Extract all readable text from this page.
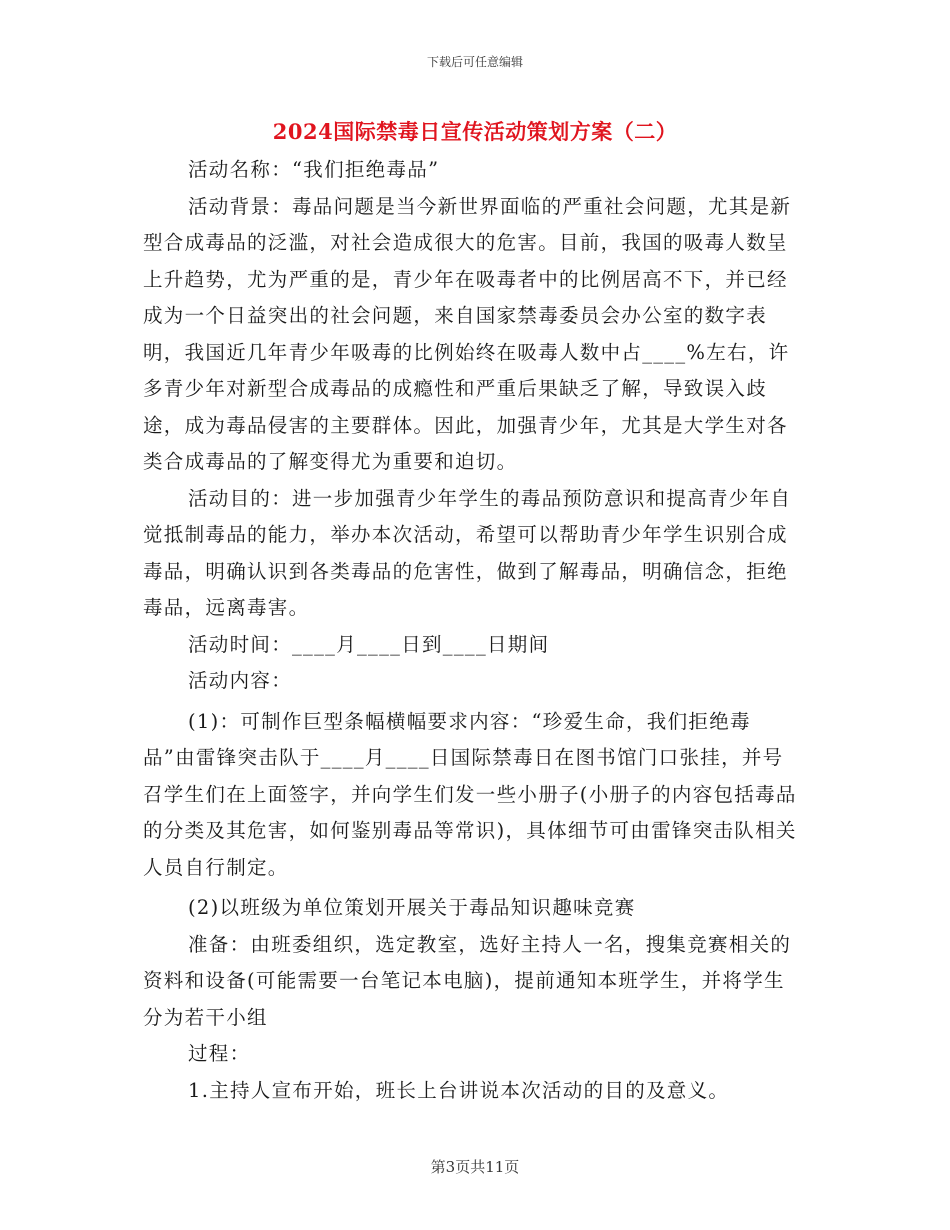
下载后可任意编辑
2024国际禁毒日宣传活动策划方案（二）

活动名称：“我们拒绝毒品”

活动背景：毒品问题是当今新世界面临的严重社会问题，尤其是新型合成毒品的泛滥，对社会造成很大的危害。目前，我国的吸毒人数呈上升趋势，尤为严重的是，青少年在吸毒者中的比例居高不下，并已经成为一个日益突出的社会问题，来自国家禁毒委员会办公室的数字表明，我国近几年青少年吸毒的比例始终在吸毒人数中占____%左右，许多青少年对新型合成毒品的成瘾性和严重后果缺乏了解，导致误入歧途，成为毒品侵害的主要群体。因此，加强青少年，尤其是大学生对各类合成毒品的了解变得尤为重要和迫切。

活动目的：进一步加强青少年学生的毒品预防意识和提高青少年自觉抵制毒品的能力，举办本次活动，希望可以帮助青少年学生识别合成毒品，明确认识到各类毒品的危害性，做到了解毒品，明确信念，拒绝毒品，远离毒害。

活动时间：____月____日到____日期间

活动内容：

(1)：可制作巨型条幅横幅要求内容：“珍爱生命，我们拒绝毒品”由雷锋突击队于____月____日国际禁毒日在图书馆门口张挂，并号召学生们在上面签字，并向学生们发一些小册子(小册子的内容包括毒品的分类及其危害，如何鉴别毒品等常识)，具体细节可由雷锋突击队相关人员自行制定。

(2)以班级为单位策划开展关于毒品知识趣味竞赛

准备：由班委组织，选定教室，选好主持人一名，搜集竞赛相关的资料和设备(可能需要一台笔记本电脑)，提前通知本班学生，并将学生分为若干小组

过程：

1.主持人宣布开始，班长上台讲说本次活动的目的及意义。

第3页共11页
